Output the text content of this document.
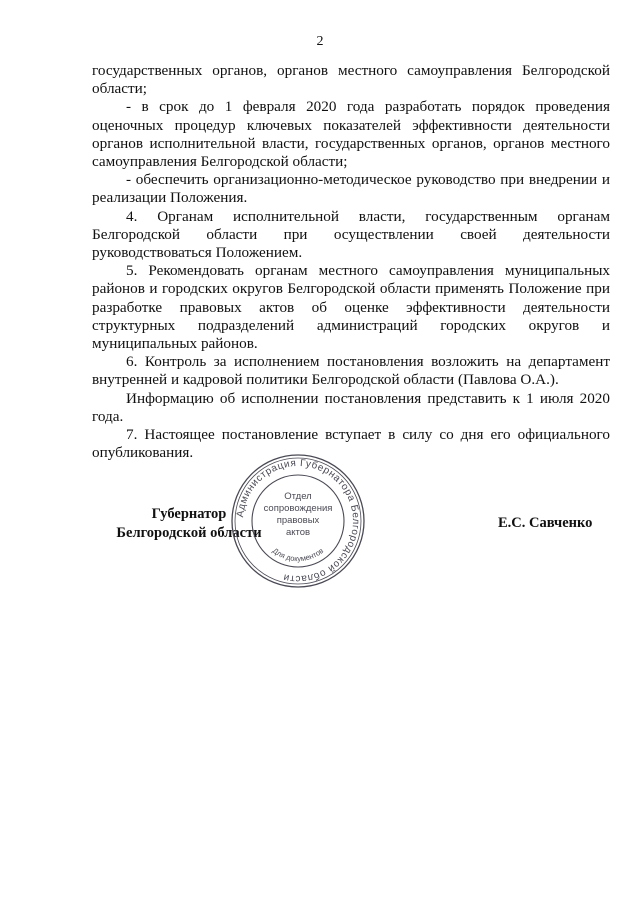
2

государственных органов, органов местного самоуправления Белгородской области;

- в срок до 1 февраля 2020 года разработать порядок проведения оценочных процедур ключевых показателей эффективности деятельности органов исполнительной власти, государственных органов, органов местного самоуправления Белгородской области;

- обеспечить организационно-методическое руководство при внедрении и реализации Положения.

4. Органам исполнительной власти, государственным органам Белгородской области при осуществлении своей деятельности руководствоваться Положением.

5. Рекомендовать органам местного самоуправления муниципальных районов и городских округов Белгородской области применять Положение при разработке правовых актов об оценке эффективности деятельности структурных подразделений администраций городских округов и муниципальных районов.

6. Контроль за исполнением постановления возложить на департамент внутренней и кадровой политики Белгородской области (Павлова О.А.).

Информацию об исполнении постановления представить к 1 июля 2020 года.

7. Настоящее постановление вступает в силу со дня его официального опубликования.

Губернатор
Белгородской области
Е.С. Савченко
Администрация Губернатора Белгородской области
Отдел
сопровождения
правовых
актов
Для документов
